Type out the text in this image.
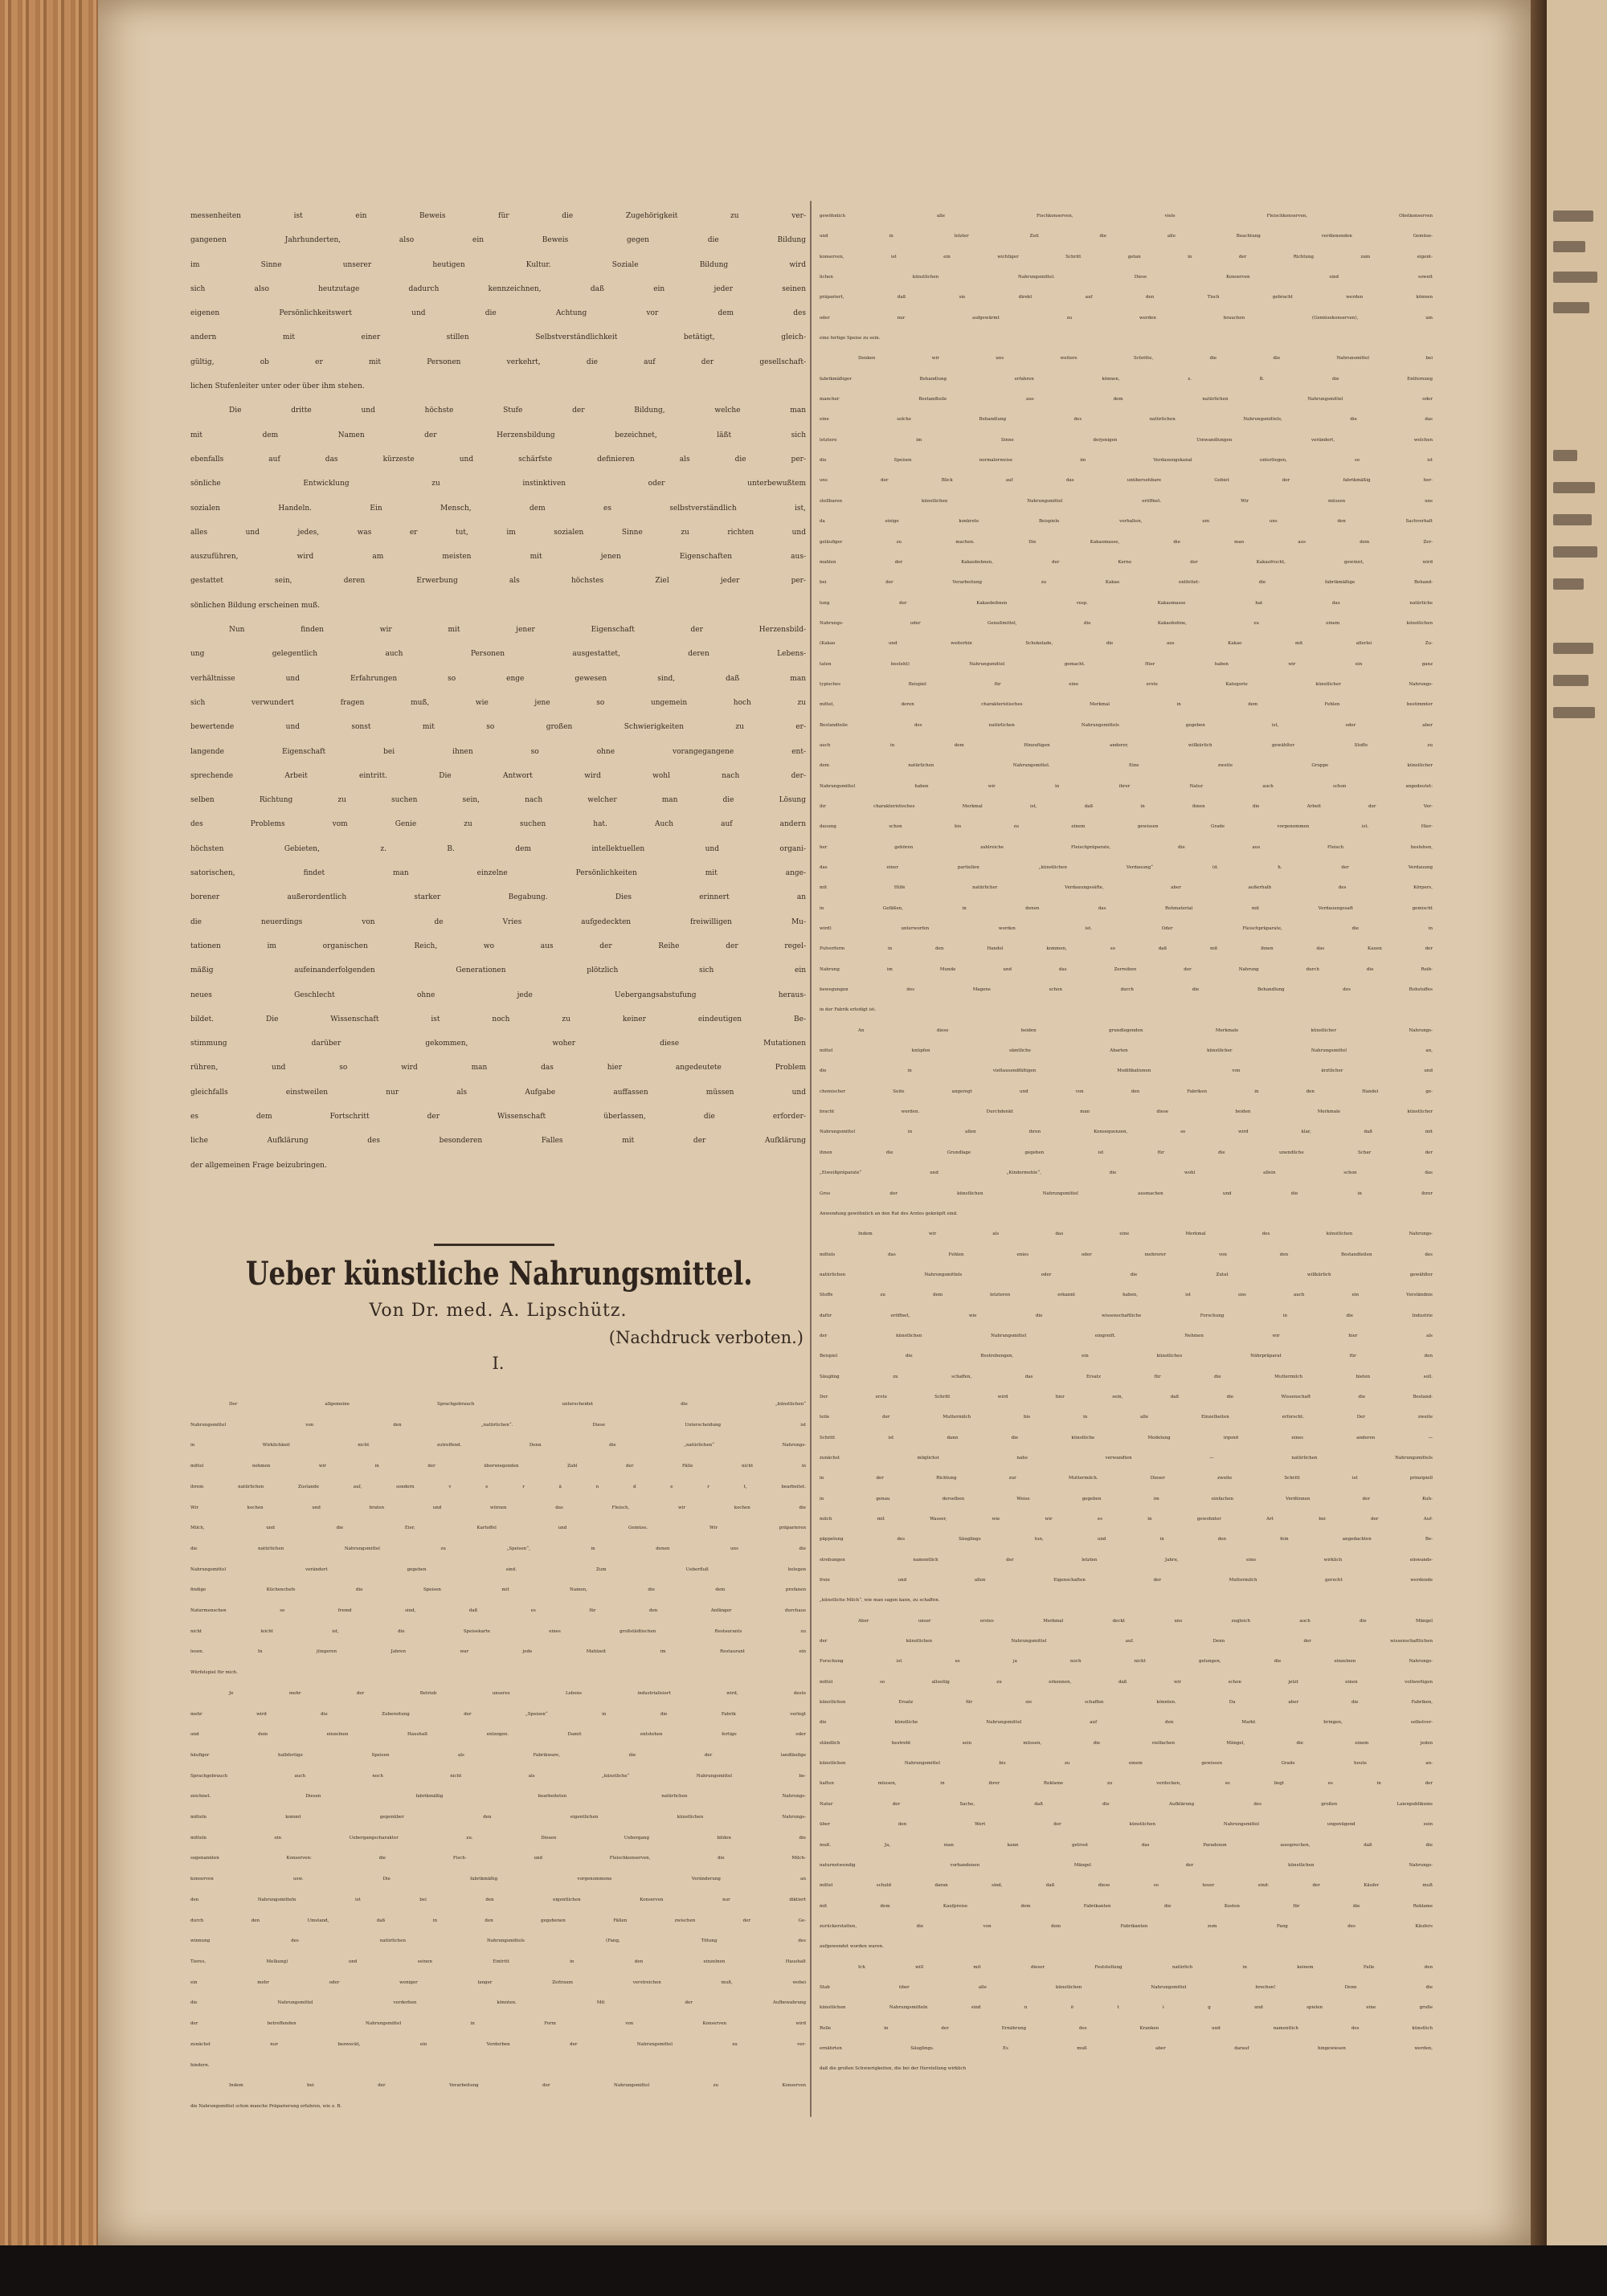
messenheiten ist ein Beweis für die Zugehörigkeit zu ver-
gangenen Jahrhunderten, also ein Beweis gegen die Bildung
im Sinne unserer heutigen Kultur. Soziale Bildung wird
sich also heutzutage dadurch kennzeichnen, daß ein jeder seinen
eigenen Persönlichkeitswert und die Achtung vor dem des
andern mit einer stillen Selbstverständlichkeit betätigt, gleich-
gültig, ob er mit Personen verkehrt, die auf der gesellschaft-
lichen Stufenleiter unter oder über ihm stehen.
Die dritte und höchste Stufe der Bildung, welche man
mit dem Namen der Herzensbildung bezeichnet, läßt sich
ebenfalls auf das kürzeste und schärfste definieren als die per-
sönliche Entwicklung zu instinktiven oder unterbewußtem
sozialen Handeln. Ein Mensch, dem es selbstverständlich ist,
alles und jedes, was er tut, im sozialen Sinne zu richten und
auszuführen, wird am meisten mit jenen Eigenschaften aus-
gestattet sein, deren Erwerbung als höchstes Ziel jeder per-
sönlichen Bildung erscheinen muß.
Nun finden wir mit jener Eigenschaft der Herzensbild-
ung gelegentlich auch Personen ausgestattet, deren Lebens-
verhältnisse und Erfahrungen so enge gewesen sind, daß man
sich verwundert fragen muß, wie jene so ungemein hoch zu
bewertende und sonst mit so großen Schwierigkeiten zu er-
langende Eigenschaft bei ihnen so ohne vorangegangene ent-
sprechende Arbeit eintritt. Die Antwort wird wohl nach der-
selben Richtung zu suchen sein, nach welcher man die Lösung
des Problems vom Genie zu suchen hat. Auch auf andern
höchsten Gebieten, z. B. dem intellektuellen und organi-
satorischen, findet man einzelne Persönlichkeiten mit ange-
borener außerordentlich starker Begabung. Dies erinnert an
die neuerdings von de Vries aufgedeckten freiwilligen Mu-
tationen im organischen Reich, wo aus der Reihe der regel-
mäßig aufeinanderfolgenden Generationen plötzlich sich ein
neues Geschlecht ohne jede Uebergangsabstufung heraus-
bildet. Die Wissenschaft ist noch zu keiner eindeutigen Be-
stimmung darüber gekommen, woher diese Mutationen
rühren, und so wird man das hier angedeutete Problem
gleichfalls einstweilen nur als Aufgabe auffassen müssen und
es dem Fortschritt der Wissenschaft überlassen, die erforder-
liche Aufklärung des besonderen Falles mit der Aufklärung
der allgemeinen Frage beizubringen.
Ueber künstliche Nahrungsmittel.
Von Dr. med. A. Lipschütz.
(Nachdruck verboten.)
I.
Der allgemeine Sprachgebrauch unterscheidet die „künstlichen“
Nahrungsmittel von den „natürlichen“. Diese Unterscheidung ist
in Wirklichkeit nicht zutreffend. Denn die „natürlichen“ Nahrungs-
mittel nehmen wir in der überwiegenden Zahl der Fälle nicht in
ihrem natürlichen Zustande auf, sondern v e r ä n d e r t, bearbeitet.
Wir kochen und braten und würzen das Fleisch, wir kochen die
Milch, und die Eier, Kartoffel und Gemüse. Wir präparieren
die natürlichen Nahrungsmittel zu „Speisen“, in denen uns die
Nahrungsmittel verändert gegeben sind. Zum Ueberfluß belegen
findige Küchenchefs die Speisen mit Namen, die dem profanen
Naturmenschen so fremd sind, daß es für den Anfänger durchaus
nicht leicht ist, die Speisekarte eines großstädtischen Restaurants zu
lesen. In jüngeren Jahren war jede Mahlzeit im Restaurant ein
Würfelspiel für mich.
Je mehr der Betrieb unseres Lebens industrialisiert wird, desto
mehr wird die Zubereitung der „Speisen“ in die Fabrik verlegt
und dem einzelnen Haushalt entzogen. Damit entstehen fertige oder
häufiger halbfertige Speisen als Fabrikware, die der landläufige
Sprachgebrauch auch noch nicht als „künstliche“ Nahrungsmittel be-
zeichnet. Diesen fabrikmäßig bearbeiteten natürlichen Nahrungs-
mitteln kommt gegenüber den eigentlichen künstlichen Nahrungs-
mitteln ein Uebergangscharakter zu. Diesen Uebergang bilden die
sogenannten Konserven: die Fisch- und Fleischkonserven, die Milch-
konserven usw. Die fabrikmäßig vorgenommene Veränderung an
den Nahrungsmitteln ist bei den eigentlichen Konserven nur diktiert
durch den Umstand, daß in den gegebenen Fällen zwischen der Ge-
winnung des natürlichen Nahrungsmittels (Fang, Tötung des
Tieres, Melkung) und seinen Eintritt in den einzelnen Haushalt
ein mehr oder weniger langer Zeitraum verstreichen muß, wobei
die Nahrungsmittel verderben könnten. Mit der Aufbewahrung
der betreffenden Nahrungsmittel in Form von Konserven wird
zunächst nur bezweckt, ein Verderben der Nahrungsmittel zu ver-
hindern.
Indem bei der Verarbeitung der Nahrungsmittel zu Konserven
die Nahrungsmittel schon manche Präparierung erfahren, wie z. B.
gewöhnlich alle Fischkonserven, viele Fleischkonserven, Obstkonserven
und in letzter Zeit die alle Beachtung verdienenden Gemüse-
konserven, ist ein wichtiger Schritt getan in der Richtung zum eigent-
lichen künstlichen Nahrungsmittel. Diese Konserven sind soweit
präpariert, daß sie direkt auf den Tisch gebracht werden können
oder nur aufgewärmt zu werden brauchen (Gemüsekonserven), um
eine fertige Speise zu sein.
Denken wir uns weitere Schritte, die die Nahrunsmittel bei
fabrikmäßiger Behandlung erfahren können, z. B. die Entfernung
mancher Bestandteile aus dem natürlichen Nahrungsmittel oder
eine solche Behandlung des natürlichen Nahrungsmittels, die das
letztere im Sinne derjenigen Umwandlungen verändert, welchen
die Speisen normalerweise im Verdauungskanal unterliegen, so ist
uns der Blick auf das unübersehbare Gebiet der fabrikmäßig her-
stellbaren künstlichen Nahrungsmittel eröffnet. Wir müssen uns
da einige konkrete Beispiele vorhalten, um uns den Sachverhalt
geläufiger zu machen. Die Kakaomasse, die man aus dem Zer-
mahlen der Kakaobohnen, der Kerne der Kakaofrucht, gewinnt, wird
bei der Verarbeitung zu Kakao entfettet: die fabrikmäßige Behand-
lung der Kakaobohnen resp. Kakaomasse hat das natürliche
Nahrungs- oder Genußmittel, die Kakaobohne, zu einem künstlichen
(Kakao und weiterhin Schokolade, die aus Kakao mit allerlei Zu-
taten besteht) Nahrungsmittel gemacht. Hier haben wir ein ganz
typisches Beispiel für eine erste Kategorie künstlicher Nahrungs-
mittel, deren charakteristisches Merkmal in dem Fehlen bestimmter
Bestandteile des natürlichen Nahrungsmittels gegeben ist, oder aber
auch in dem Hinzufügen anderer, willkürlich gewählter Stoffe zu
dem natürlichen Nahrungsmittel. Eine zweite Gruppe künstlicher
Nahrungsmittel haben wir in ihrer Natur auch schon angedeutet:
ihr charakteristisches Merkmal ist, daß in ihnen die Arbeit der Ver-
dauung schon bis zu einem gewissen Grade vorgenommen ist. Hier-
her gehören zahlreiche Fleischpräparate, die aus Fleisch bestehen,
das einer partiellen „künstlichen Verdauung“ (d. h. der Verdauung
mit Hilfe natürlicher Verdauungssäfte, aber außerhalb des Körpers,
in Gefäßen, in denen das Rohmaterial mit Verdauungssaft gemischt
wird) unterworfen worden ist. Oder Fleischpräparate, die in
Pulverform in den Handel kommen, so daß mit ihnen das Kauen der
Nahrung im Munde und das Zerreiben der Nahrung durch die Reib-
bewegungen des Magens schon durch die Behandlung des Rohstoffes
in der Fabrik erledigt ist.
An diese beiden grundlegenden Merkmale künstlicher Nahrungs-
mittel knüpfen sämtliche Abarten künstlicher Nahrungsmittel an,
die in vieltausendfältigen Modifikationen von ärztlicher und
chemischer Seite angeregt und von den Fabriken in den Handel ge-
bracht werden. Durchdenkt man diese beiden Merkmale künstlicher
Nahrungsmittel in allen ihren Konsequenzen, so wird klar, daß mit
ihnen die Grundlage gegeben ist für die unendliche Schar der
„Eiweißpräparate“ und „Kindermehle“, die wohl allein schon das
Gros der künstlichen Nahrungsmittel ausmachen und die in ihrer
Anwendung gewöhnlich an den Rat des Arztes geknüpft sind.
Indem wir als das eine Merkmal des künstlichen Nahrungs-
mittels das Fehlen enies oder mehrerer von den Bestandteilen des
natürlichen Nahrungsmittels oder die Zutat willkürlich gewählter
Stoffe zu dem letzteren erkannt haben, ist uns auch ein Verständnis
dafür eröffnet, wie die wissenschaftliche Forschung in die Industrie
der künstlichen Nahrungsmittel eingreift. Nehmen wir hier als
Beispiel die Bestrebungen, ein künstliches Nährpräparat für den
Säugling zu schaffen, das Ersatz für die Muttermilch bieten soll.
Der erste Schritt wird hier sein, daß die Wissenschaft die Bestand-
teile der Muttermilch bis in alle Einzelheiten erforscht. Der zweite
Schritt ist dann die künstliche Modelung irgend eines anderen —
zunächst möglichst nahe verwandten — natürlichen Nahrungsmittels
in der Richtung zur Muttermilch. Dieser zweite Schritt ist prinzipiell
in genau derselben Weise gegeben im einfachen Verdünnen der Kuh-
milch mit Wasser, wie wir es in gewohnter Art bei der Auf-
päppelung des Säuglings tun, und in den fein angedachten Be-
strebungen namentlich der letzten Jahre, eine wirklich einwands-
freie und allen Eigenschaften der Muttermilch gerecht werdende
„künstliche Milch“, wie man sagen kann, zu schaffen.
Aber unser erstes Merkmal deckt uns zugleich auch die Mängel
der künstlichen Nahrungsmittel auf. Denn der wissenschaftlichen
Forschung ist es ja noch nicht gelungen, die einzelnen Nahrungs-
mittel so allseitig zu erkennen, daß wir schon jetzt einen vollwertigen
künstlichen Ersatz für sie schaffen könnten. Da aber die Fabriken,
die künstliche Nahrungsmittel auf den Markt bringen, selbstver-
ständlich bestrebt sein müssen, die vielfachen Mängel, die einem jeden
künstlichen Nahrungsmittel bis zu einem gewissen Grade heute an-
haften müssen, in ihrer Reklame zu verdecken, so liegt es in der
Natur der Sache, daß die Aufklärung des großen Laienpublikums
über den Wert der künstlichen Nahrungsmittel ungenügend sein
muß. Ja, man kann getrost das Paradoxon aussprechen, daß die
naturnotwendig vorhandenen Mängel der künstlichen Nahrungs-
mittel schuld daran sind, daß diese so teuer sind: der Käufer muß
mit dem Kaufpreise dem Fabrikanten die Kosten für die Reklame
zurückerstatten, die von dem Fabrikanten zum Fang des Käufers
aufgewendet worden waren.
Ich will mit dieser Feststellung natürlich in keinem Falle den
Stab über alle künstlichen Nahrungsmittel brechen! Denn die
künstlichen Nahrungsmitteln sind n ö t i g und spielen eine große
Rolle in der Ernährung des Kranken und namentlich des künstlich
ernährten Säuglings. Es muß aber darauf hingewiesen werden,
daß die großen Schwierigkeiten, die bei der Herstellung wirklich
